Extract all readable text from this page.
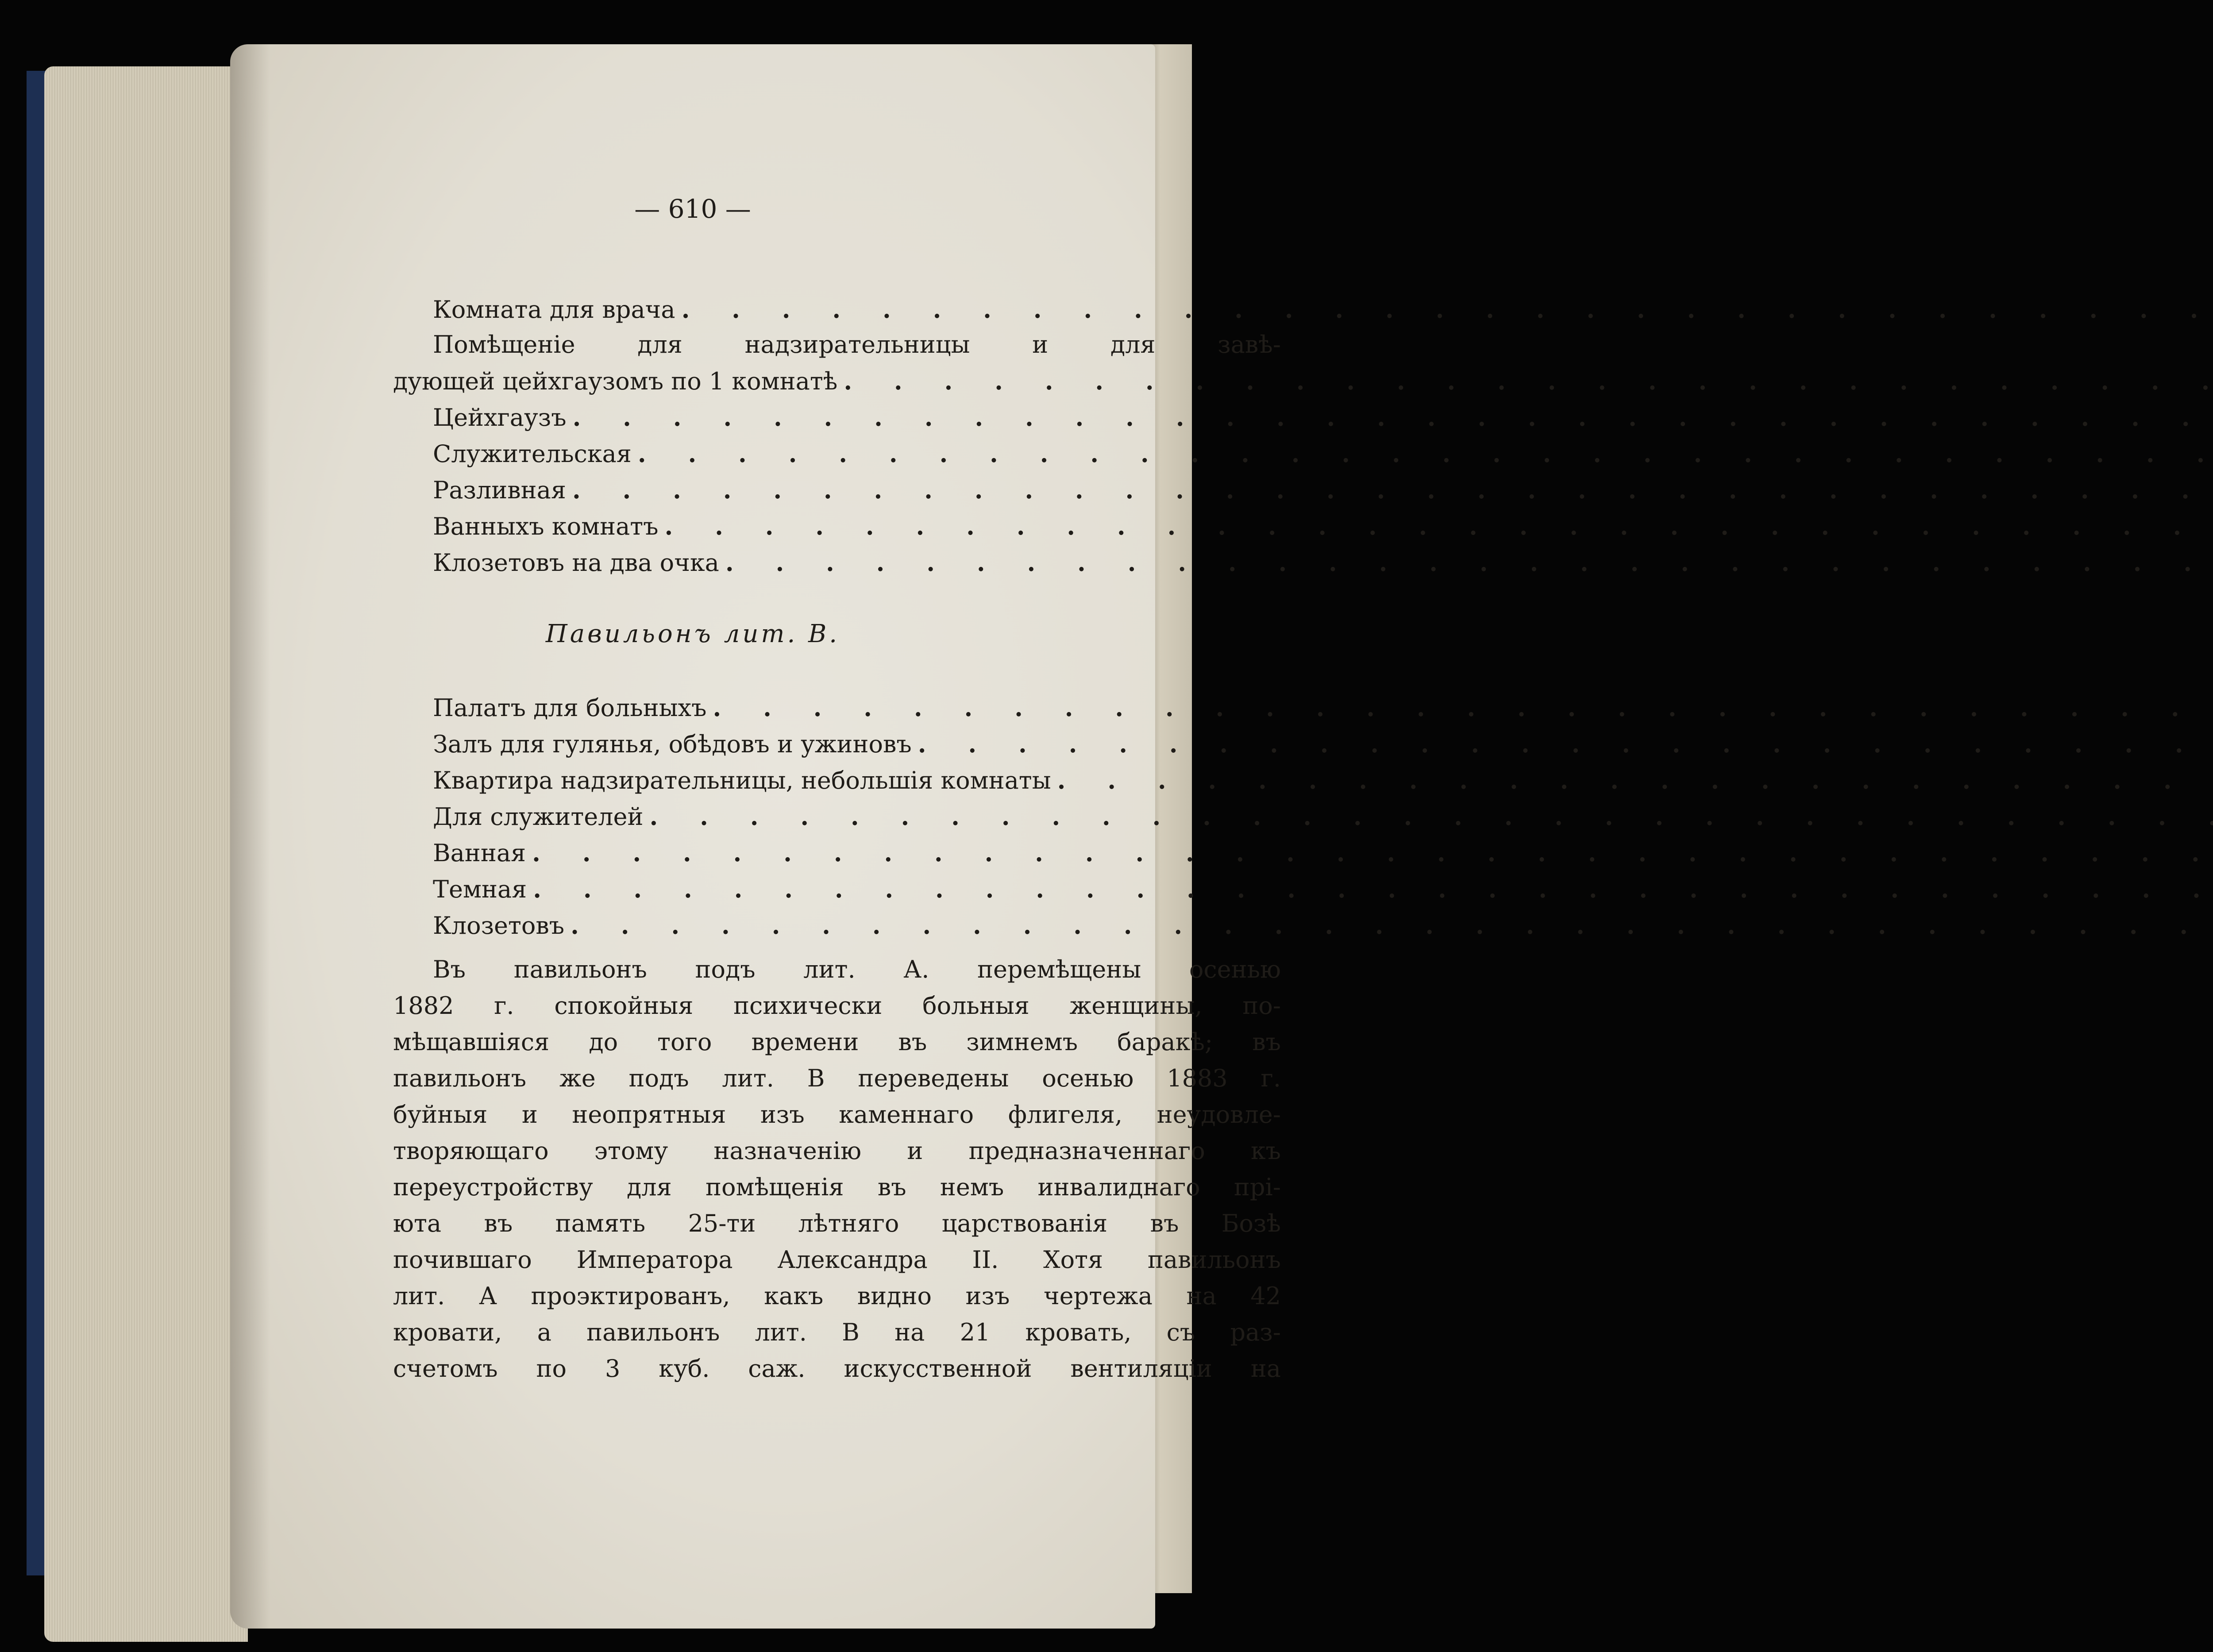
— 610 —
Комната для врача
. . .
Помѣщенiе для надзирательницы и для завѣ-
дующей цейхгаузомъ по 1 комнатѣ
. . .
Цейхгаузъ
. . .
Служительская
. . .
Разливная
. . .
Ванныхъ комнатъ
. . .
Клозетовъ на два очка
. . .
Павильонъ лит. В.
Палатъ для больныхъ
. . .
Залъ для гулянья, обѣдовъ и ужиновъ
. . .
Квартира надзирательницы, небольшiя комнаты
. . .
Для служителей
. . .
Ванная
. . .
Темная
. . .
Клозетовъ
. . .
Въ павильонъ подъ лит. А. перемѣщены осенью
1882 г. спокойныя психически больныя женщины, по-
мѣщавшiяся до того времени въ зимнемъ баракѣ; въ
павильонъ же подъ лит. В переведены осенью 1883 г.
буйныя и неопрятныя изъ каменнаго флигеля, неудовле-
творяющаго этому назначенiю и предназначеннаго къ
переустройству для помѣщенiя въ немъ инвалиднаго прi-
юта въ память 25-ти лѣтняго царствованiя въ Бозѣ
почившаго Императора Александра II. Хотя павильонъ
лит. А проэктированъ, какъ видно изъ чертежа на 42
кровати, а павильонъ лит. В на 21 кровать, съ раз-
счетомъ по 3 куб. саж. искусственной вентиляцiи на
